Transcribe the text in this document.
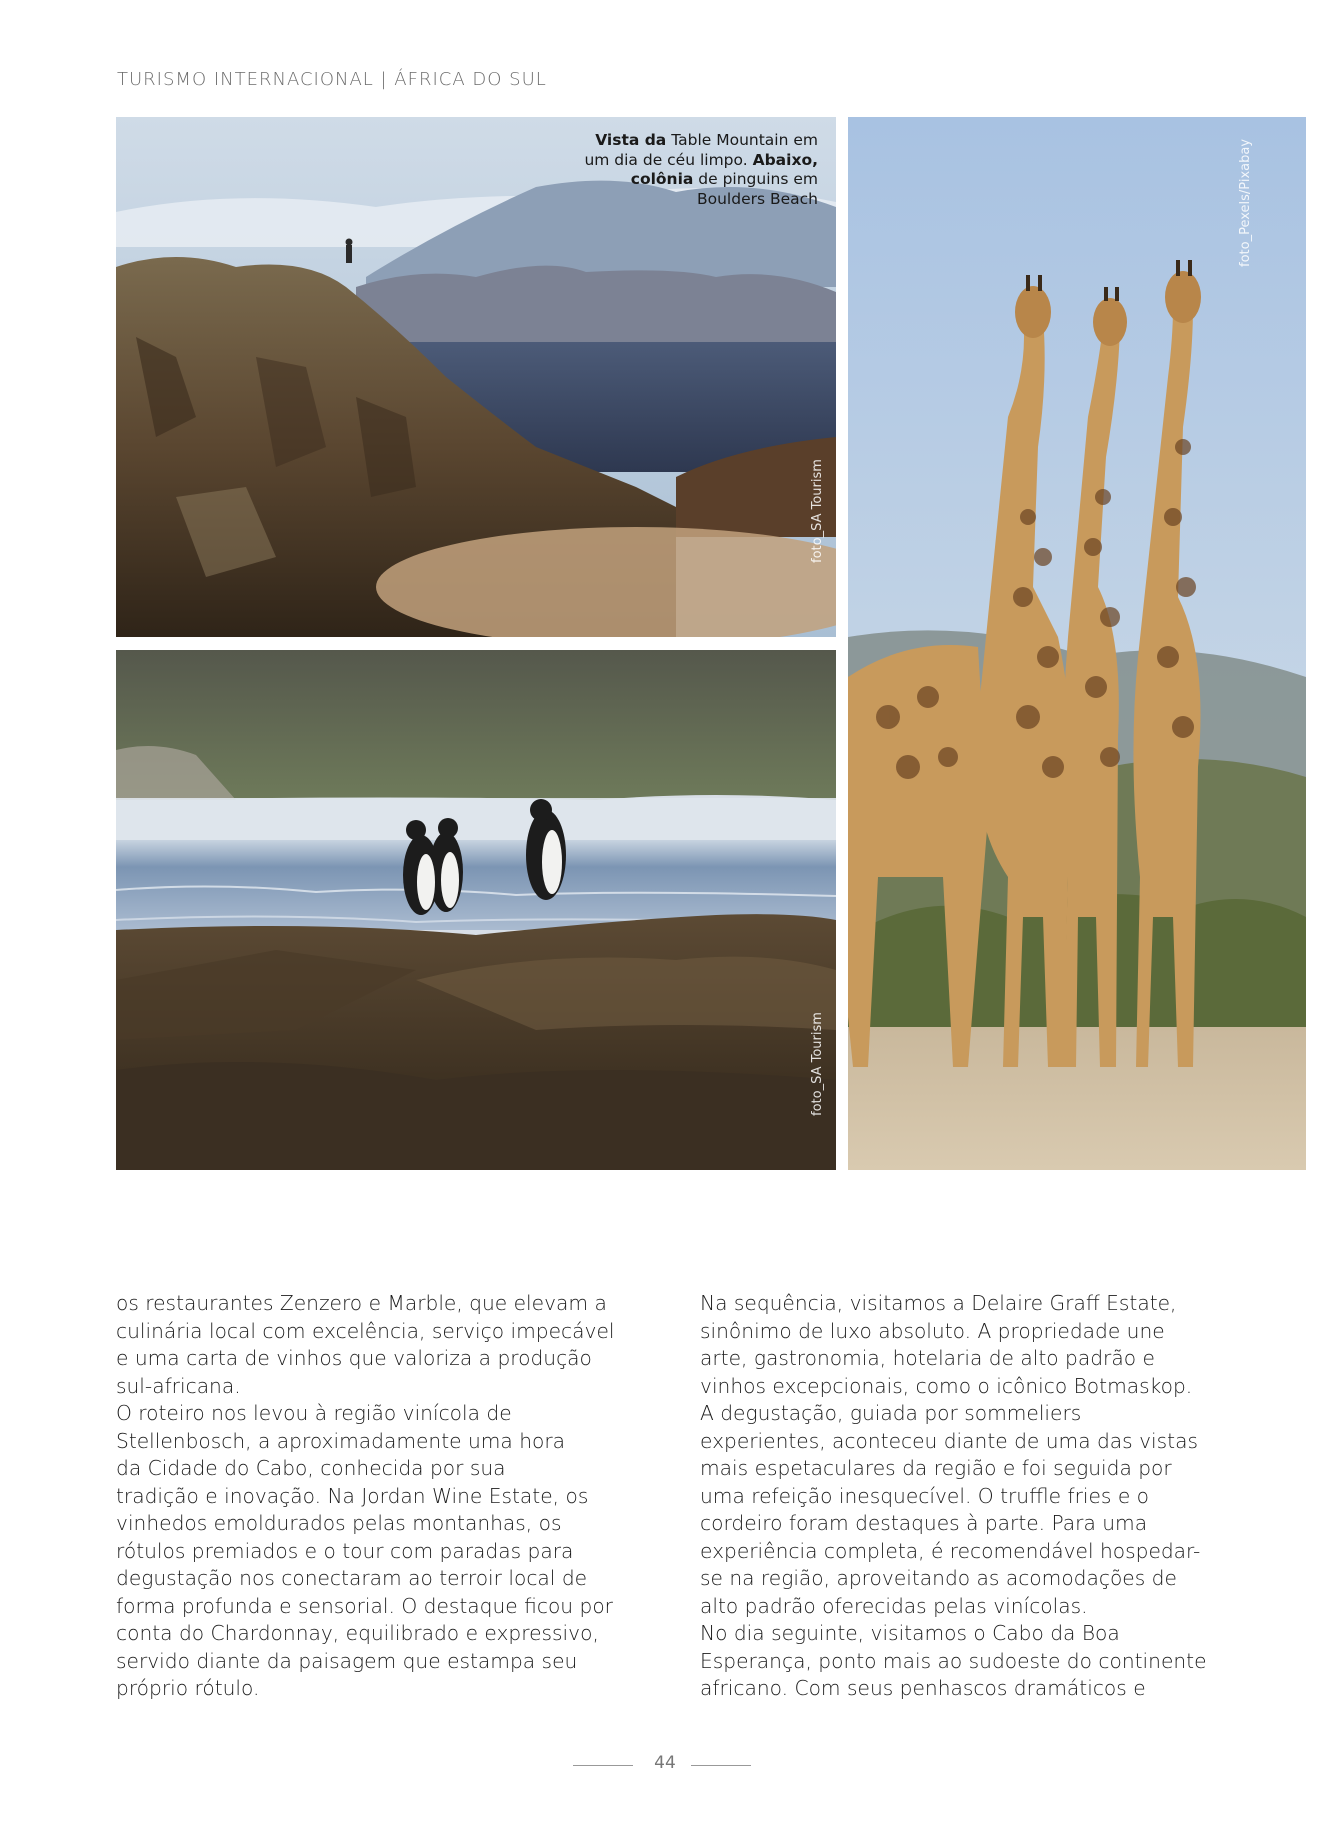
TURISMO INTERNACIONAL | ÁFRICA DO SUL
Vista da Table Mountain em um dia de céu limpo. Abaixo, colônia de pinguins em Boulders Beach
foto_SA Tourism
foto_SA Tourism
foto_Pexels/Pixabay

os restaurantes Zenzero e Marble, que elevam a
culinária local com excelência, serviço impecável
e uma carta de vinhos que valoriza a produção
sul-africana.

O roteiro nos levou à região vinícola de
Stellenbosch, a aproximadamente uma hora
da Cidade do Cabo, conhecida por sua
tradição e inovação. Na Jordan Wine Estate, os
vinhedos emoldurados pelas montanhas, os
rótulos premiados e o tour com paradas para
degustação nos conectaram ao terroir local de
forma profunda e sensorial. O destaque ficou por
conta do Chardonnay, equilibrado e expressivo,
servido diante da paisagem que estampa seu
próprio rótulo.

Na sequência, visitamos a Delaire Graff Estate,
sinônimo de luxo absoluto. A propriedade une
arte, gastronomia, hotelaria de alto padrão e
vinhos excepcionais, como o icônico Botmaskop.
A degustação, guiada por sommeliers
experientes, aconteceu diante de uma das vistas
mais espetaculares da região e foi seguida por
uma refeição inesquecível. O truffle fries e o
cordeiro foram destaques à parte. Para uma
experiência completa, é recomendável hospedar-
se na região, aproveitando as acomodações de
alto padrão oferecidas pelas vinícolas.

No dia seguinte, visitamos o Cabo da Boa
Esperança, ponto mais ao sudoeste do continente
africano. Com seus penhascos dramáticos e

44
